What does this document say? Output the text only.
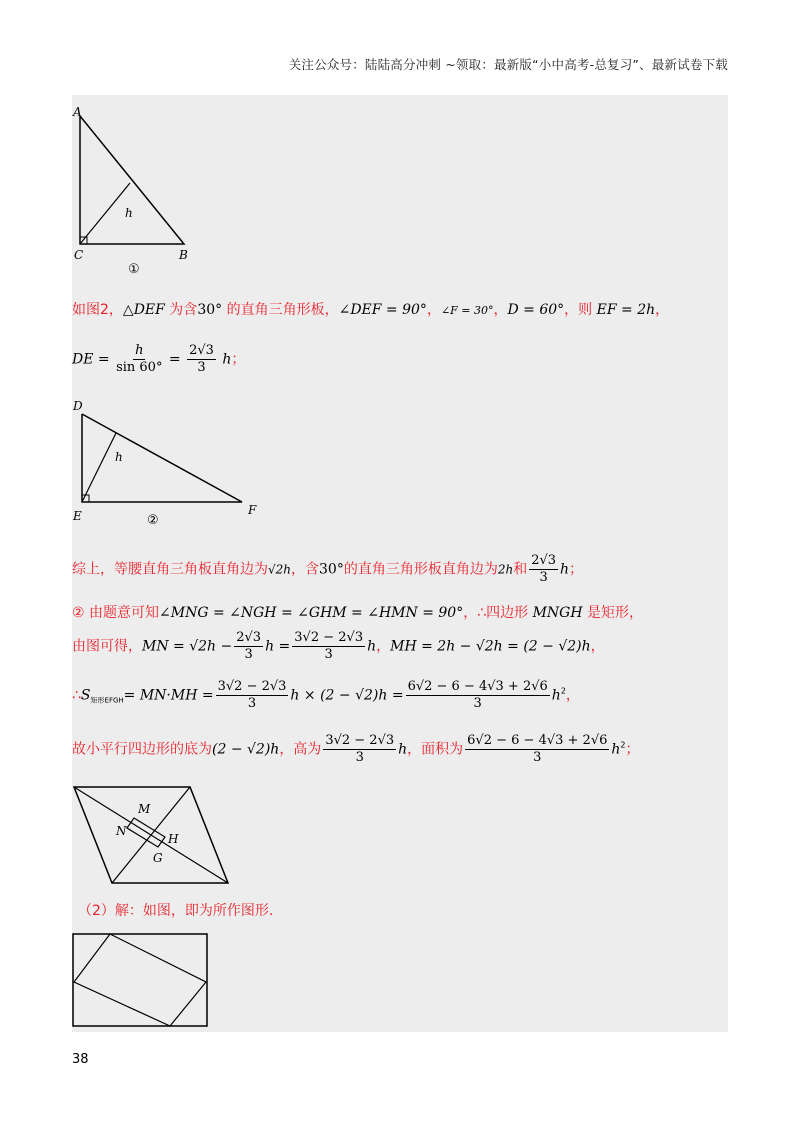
关注公众号：陆陆高分冲刺 ~领取：最新版“小中高考-总复习”、最新试卷下载
A
C	B
h
①
如图2，△DEF 为含30° 的直角三角形板，∠DEF = 90°，∠F = 30°，D = 60°，则 EF = 2h，
DE = $\frac{h}{\sin 60^\circ} = \frac{2√3}{3}$ h；
D
E	F
h
②
综上，等腰直角三角板直角边为√2h，含30°的直角三角形板直角边为2h和 $\frac{2√3}{3}$ h；
② 由题意可知∠MNG = ∠NGH = ∠GHM = ∠HMN = 90°，∴四边形 MNGH 是矩形，
由图可得，MN = $√2h - \frac{2√3}{3}$ $h = \frac{3√2 - 2√3}{3}$ h，MH = 2h − √2h = (2 − √2)h，
$\therefore S_{矩形EFGH}= MN\cdot MH = \frac{3√2 - 2√3}{3}$ $h \times (2 - √2)h = \frac{6√2 - 6 - 4√3 + 2√6}{3} h^2$，
故小平行四边形的底为(2 − √2)h，高为 $\frac{3√2 - 2√3}{3}$ h，面积为 $\frac{6√2 - 6 - 4√3 + 2√6}{3} h^2$；
M
N
H
G
（2）解：如图，即为所作图形.
38
